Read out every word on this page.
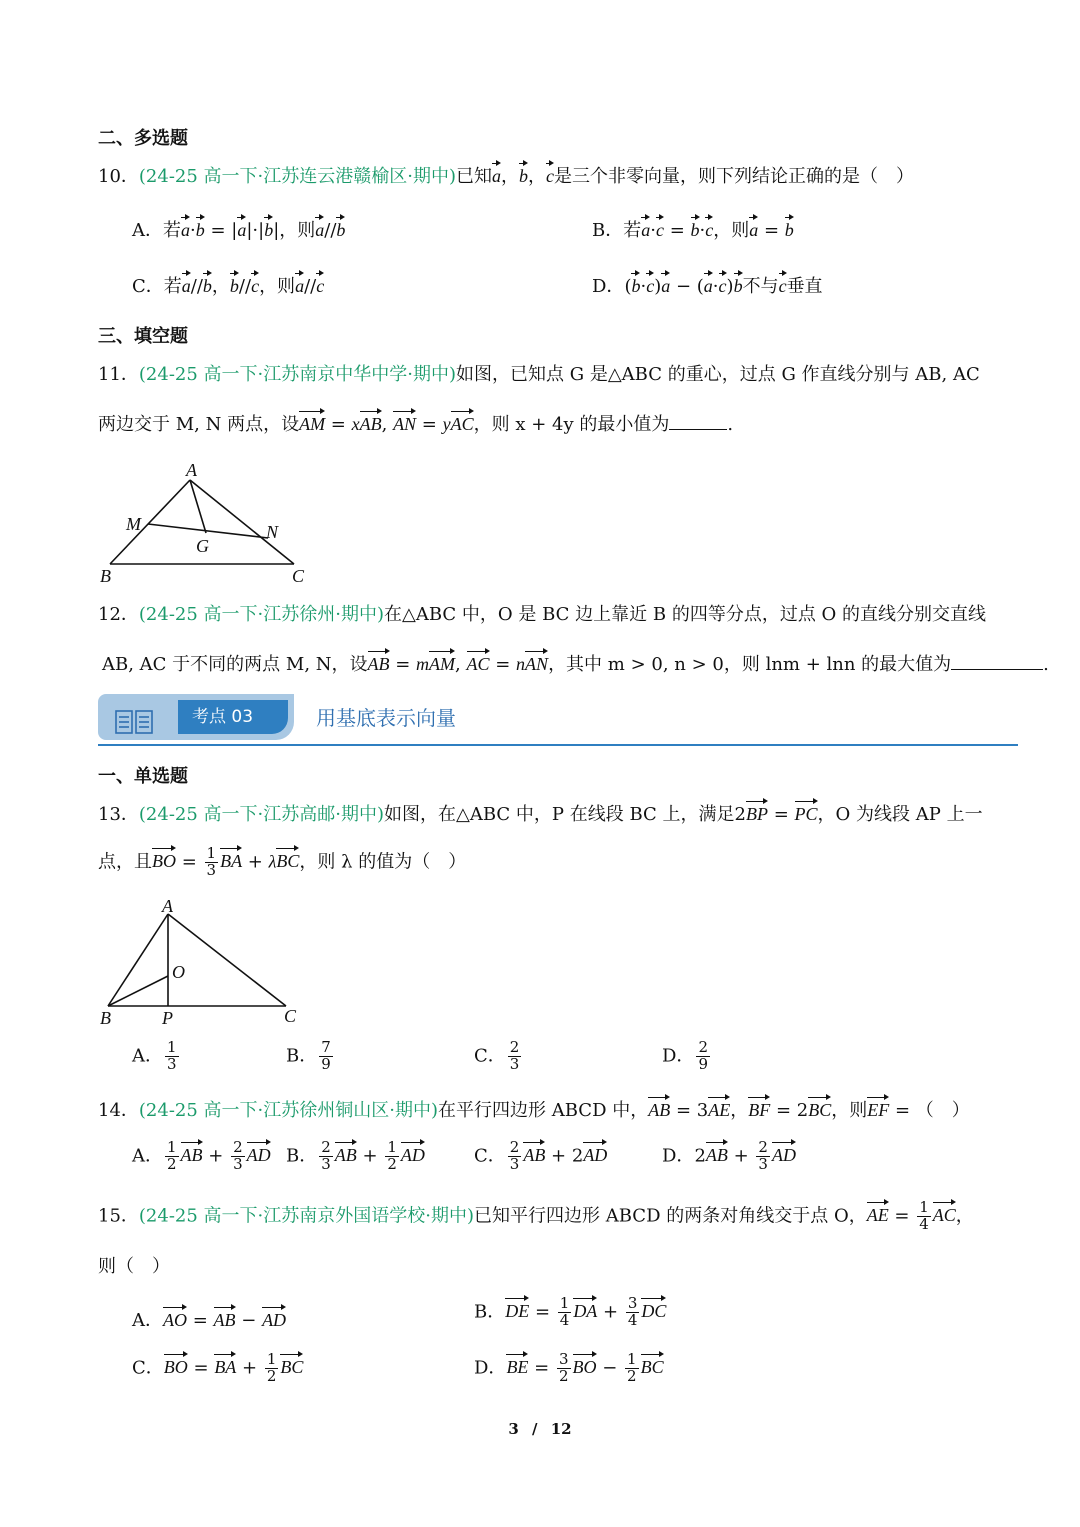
二、多选题
10．(24-25 高一下·江苏连云港赣榆区·期中)已知a，b，c是三个非零向量，则下列结论正确的是（　）
A．若a·b = |a|·|b|，则a//b	B．若a·c = b·c，则a = b
C．若a//b，b//c，则a//c	D．(b·c)a − (a·c)b不与c垂直
三、填空题
11．(24-25 高一下·江苏南京中华中学·期中)如图，已知点 G 是△ABC 的重心，过点 G 作直线分别与 AB, AC
两边交于 M, N 两点，设AM = xAB, AN = yAC，则 x + 4y 的最小值为	.
A
M	N
G
B	C
12．(24-25 高一下·江苏徐州·期中)在△ABC 中，O 是 BC 边上靠近 B 的四等分点，过点 O 的直线分别交直线
AB, AC 于不同的两点 M, N，设AB = mAM, AC = nAN，其中 m > 0, n > 0，则 lnm + lnn 的最大值为	.
考点 03	用基底表示向量
一、单选题
13．(24-25 高一下·江苏高邮·期中)如图，在△ABC 中，P 在线段 BC 上，满足2BP = PC，O 为线段 AP 上一
点，且BO = $\frac{1}{3}$ BA + λBC，则 λ 的值为（　）
A
O
B	P	C
A． $\frac{1}{3}$	B． $\frac{7}{9}$	C． $\frac{2}{3}$	D． $\frac{2}{9}$
14．(24-25 高一下·江苏徐州铜山区·期中)在平行四边形 ABCD 中，AB = 3AE，BF = 2BC，则EF = （　）
A． $\frac{1}{2}$ AB + $\frac{2}{3}$ AD B． $\frac{2}{3}$ AB + $\frac{1}{2}$ AD	C． $\frac{2}{3}$ AB + 2AD	D．$2AB + \frac{2}{3}$ AD
15．(24-25 高一下·江苏南京外国语学校·期中)已知平行四边形 ABCD 的两条对角线交于点 O，AE = $\frac{1}{4}$ AC，
则（　）
A．AO = AB − AD	B．DE = $\frac{1}{4}$ DA + $\frac{3}{4}$ DC
C．BO = BA + $\frac{1}{2}$ BC	D．BE = $\frac{3}{2}$ BO − $\frac{1}{2}$ BC
3 / 12
